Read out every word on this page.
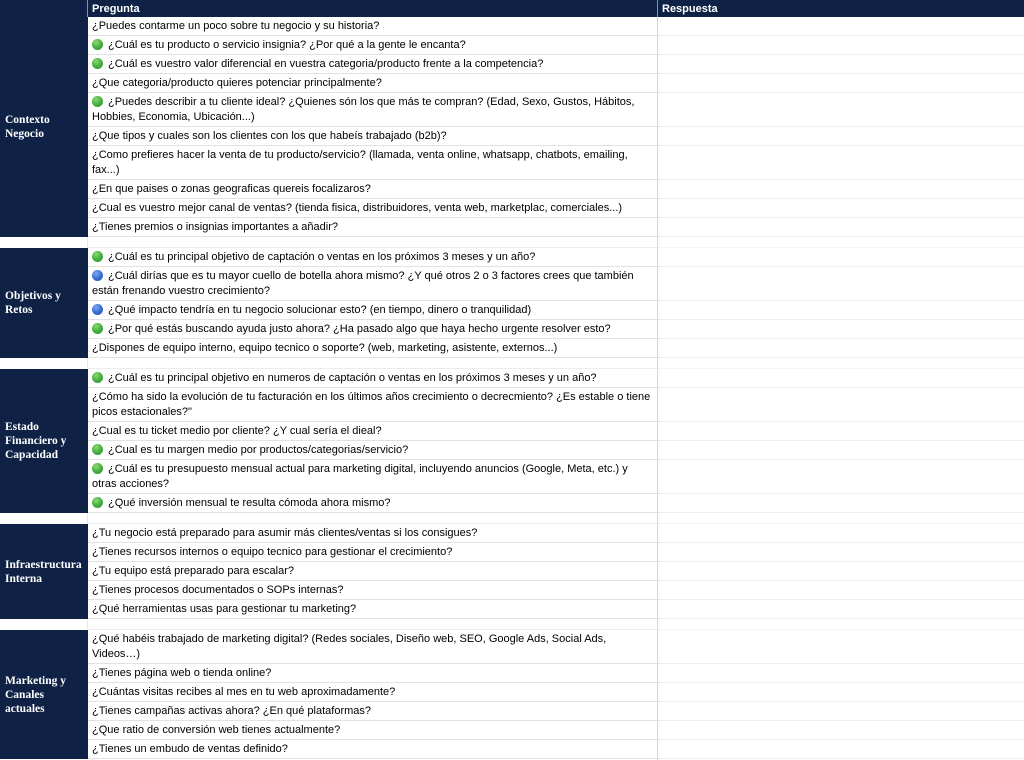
Pregunta	Respuesta
Contexto Negocio
¿Puedes contarme un poco sobre tu negocio y su historia?
¿Cuál es tu producto o servicio insignia? ¿Por qué a la gente le encanta?
¿Cuál es vuestro valor diferencial en vuestra categoria/producto frente a la competencia?
¿Que categoria/producto quieres potenciar principalmente?
¿Puedes describir a tu cliente ideal? ¿Quienes són los que más te compran? (Edad, Sexo, Gustos, Hábitos, Hobbies, Economia, Ubicación...)
¿Que tipos y cuales son los clientes con los que habeís trabajado (b2b)?
¿Como prefieres hacer la venta de tu producto/servicio? (llamada, venta online, whatsapp, chatbots, emailing, fax...)
¿En que paises o zonas geograficas quereis focalizaros?
¿Cual es vuestro mejor canal de ventas? (tienda fisica, distribuidores, venta web, marketplac, comerciales...)
¿Tienes premios o insignias importantes a añadir?
Objetivos y Retos
¿Cuál es tu principal objetivo de captación o ventas en los próximos 3 meses y un año?
¿Cuál dirías que es tu mayor cuello de botella ahora mismo? ¿Y qué otros 2 o 3 factores crees que también están frenando vuestro crecimiento?
¿Qué impacto tendría en tu negocio solucionar esto? (en tiempo, dinero o tranquilidad)
¿Por qué estás buscando ayuda justo ahora? ¿Ha pasado algo que haya hecho urgente resolver esto?
¿Dispones de equipo interno, equipo tecnico o soporte? (web, marketing, asistente, externos...)
Estado Financiero y Capacidad
¿Cuál es tu principal objetivo en numeros de captación o ventas en los próximos 3 meses y un año?
¿Cómo ha sido la evolución de tu facturación en los últimos años crecimiento o decrecmiento? ¿Es estable o tiene picos estacionales?"
¿Cual es tu ticket medio por cliente? ¿Y cual sería el dieal?
¿Cual es tu margen medio por productos/categorias/servicio?
¿Cuál es tu presupuesto mensual actual para marketing digital, incluyendo anuncios (Google, Meta, etc.) y otras acciones?
¿Qué inversión mensual te resulta cómoda ahora mismo?
Infraestructura Interna
¿Tu negocio está preparado para asumir más clientes/ventas si los consigues?
¿Tienes recursos internos o equipo tecnico para gestionar el crecimiento?
¿Tu equipo está preparado para escalar?
¿Tienes procesos documentados o SOPs internas?
¿Qué herramientas usas para gestionar tu marketing?
Marketing y Canales actuales
¿Qué habéis trabajado de marketing digital? (Redes sociales, Diseño web, SEO, Google Ads, Social Ads, Videos…)
¿Tienes página web o tienda online?
¿Cuántas visitas recibes al mes en tu web aproximadamente?
¿Tienes campañas activas ahora? ¿En qué plataformas?
¿Que ratio de conversión web tienes actualmente?
¿Tienes un embudo de ventas definido?
